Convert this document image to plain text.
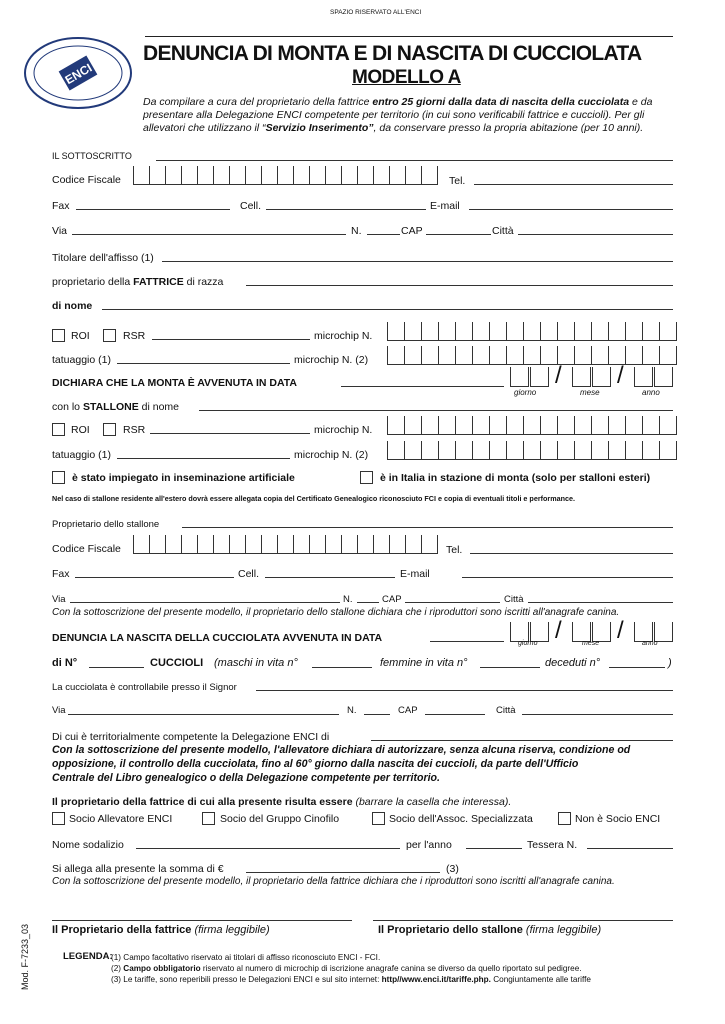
SPAZIO RISERVATO ALL'ENCI
ENCI
DENUNCIA DI MONTA E DI NASCITA DI CUCCIOLATA
MODELLO A
Da compilare a cura del proprietario della fattrice entro 25 giorni dalla data di nascita della cucciolata e da
presentare alla Delegazione ENCI competente per territorio (in cui sono verificabili fattrice e cuccioli). Per gli
allevatori che utilizzano il “Servizio Inserimento”, da conservare presso la propria abitazione (per 10 anni).
IL SOTTOSCRITTO
Codice Fiscale	Tel.
Fax	Cell.	E-mail
Via	N.	CAP	Città
Titolare dell'affisso (1)
proprietario della FATTRICE di razza
di nome
ROI	RSR	microchip N.
tatuaggio (1)	microchip N. (2)
DICHIARA CHE LA MONTA È AVVENUTA IN DATA	/ /
giorno	mese	anno
con lo STALLONE di nome
ROI	RSR	microchip N.
tatuaggio (1)	microchip N. (2)
è stato impiegato in inseminazione artificiale	è in Italia in stazione di monta (solo per stalloni esteri)
Nel caso di stallone residente all'estero dovrà essere allegata copia del Certificato Genealogico riconosciuto FCI e copia di eventuali titoli e performance.
Proprietario dello stallone
Codice Fiscale	Tel.
Fax	Cell.	E-mail
Via	N.	CAP	Città
Con la sottoscrizione del presente modello, il proprietario dello stallone dichiara che i riproduttori sono iscritti all'anagrafe canina.
DENUNCIA LA NASCITA DELLA CUCCIOLATA AVVENUTA IN DATA	/ /
giorno	mese	anno
di N°	CUCCIOLI (maschi in vita n°	femmine in vita n°	deceduti n°	)
La cucciolata è controllabile presso il Signor
Via	N.	CAP	Città
Di cui è territorialmente competente la Delegazione ENCI di
Con la sottoscrizione del presente modello, l'allevatore dichiara di autorizzare, senza alcuna riserva, condizione od
opposizione, il controllo della cucciolata, fino al 60° giorno dalla nascita dei cuccioli, da parte dell'Ufficio
Centrale del Libro genealogico o della Delegazione competente per territorio.
Il proprietario della fattrice di cui alla presente risulta essere (barrare la casella che interessa).
Socio Allevatore ENCI	Socio del Gruppo Cinofilo	Socio dell'Assoc. Specializzata	Non è Socio ENCI
Nome sodalizio	per l'anno	Tessera N.
Si allega alla presente la somma di €	(3)
Con la sottoscrizione del presente modello, il proprietario della fattrice dichiara che i riproduttori sono iscritti all'anagrafe canina.
Il Proprietario della fattrice (firma leggibile)	Il Proprietario dello stallone (firma leggibile)
LEGENDA:
(1) Campo facoltativo riservato ai titolari di affisso riconosciuto ENCI - FCI.
(2) Campo obbligatorio riservato al numero di microchip di iscrizione anagrafe canina se diverso da quello riportato sul pedigree.
(3) Le tariffe, sono reperibili presso le Delegazioni ENCI e sul sito internet: http//www.enci.it/tariffe.php. Congiuntamente alle tariffe
Mod. F-7233_03
